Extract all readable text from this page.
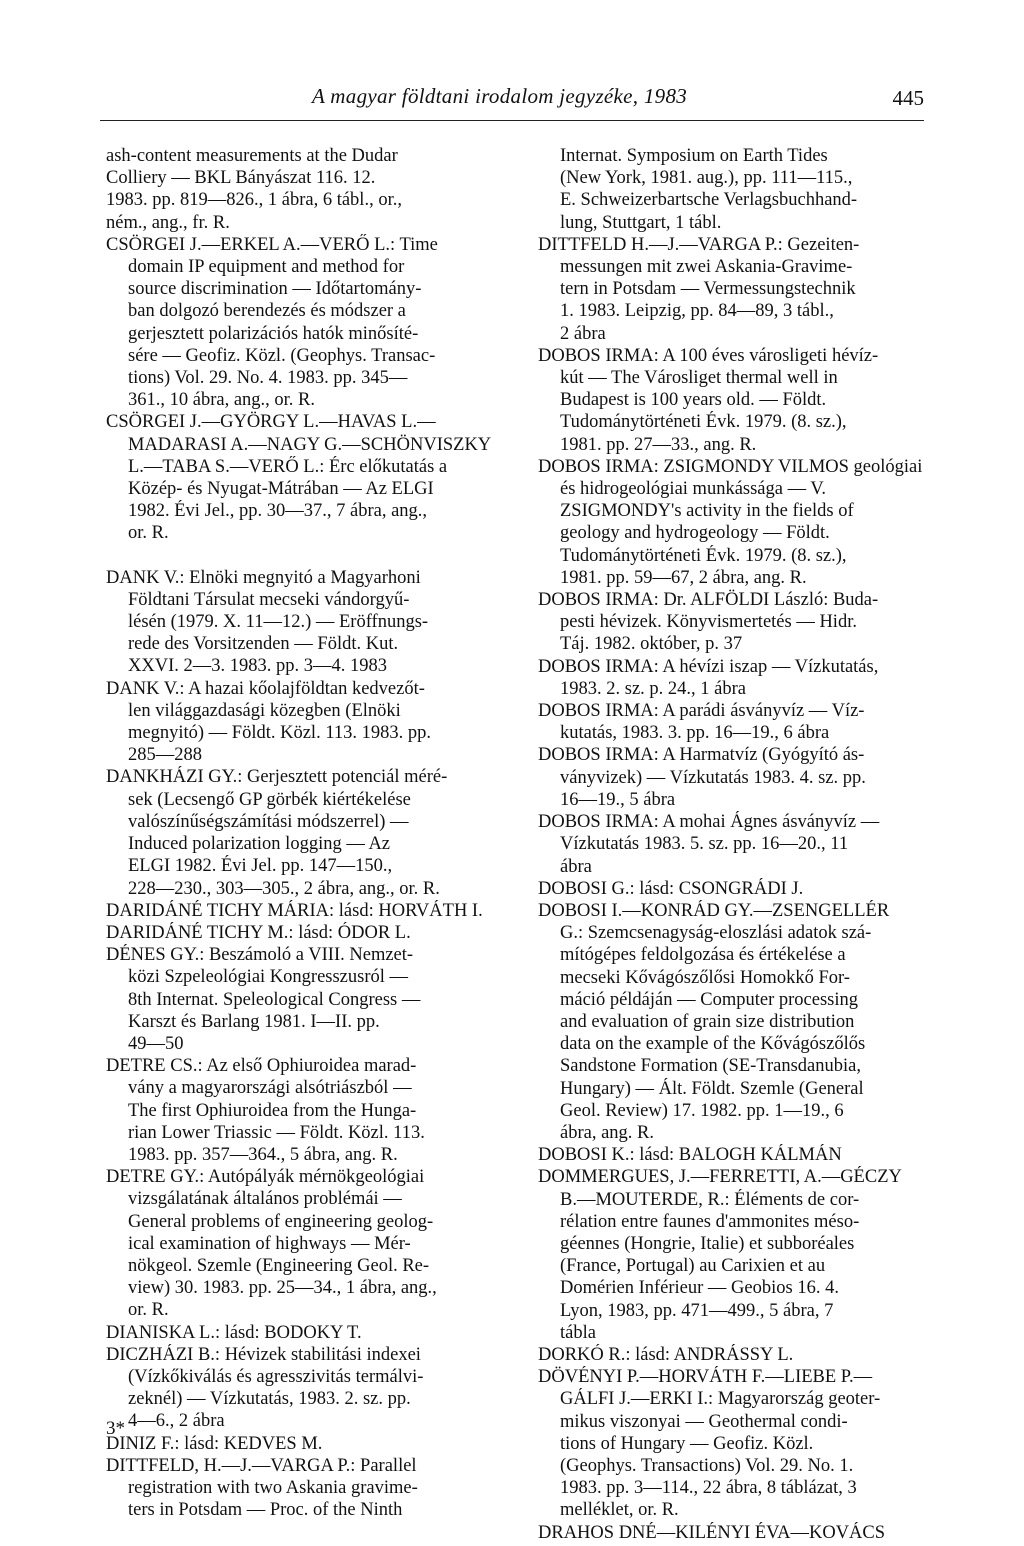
A magyar földtani irodalom jegyzéke, 1983	445
ash-content measurements at the Dudar
Colliery — BKL Bányászat 116. 12.
1983. pp. 819—826., 1 ábra, 6 tábl., or.,
ném., ang., fr. R.
CSÖRGEI J.—ERKEL A.—VERŐ L.: Time
domain IP equipment and method for
source discrimination — Időtartomány-
ban dolgozó berendezés és módszer a
gerjesztett polarizációs hatók minősíté-
sére — Geofiz. Közl. (Geophys. Transac-
tions) Vol. 29. No. 4. 1983. pp. 345—
361., 10 ábra, ang., or. R.
CSÖRGEI J.—GYÖRGY L.—HAVAS L.—
MADARASI A.—NAGY G.—SCHÖNVISZKY
L.—TABA S.—VERŐ L.: Érc előkutatás a
Közép- és Nyugat-Mátrában — Az ELGI
1982. Évi Jel., pp. 30—37., 7 ábra, ang.,
or. R.
DANK V.: Elnöki megnyitó a Magyarhoni
Földtani Társulat mecseki vándorgyű-
lésén (1979. X. 11—12.) — Eröffnungs-
rede des Vorsitzenden — Földt. Kut.
XXVI. 2—3. 1983. pp. 3—4. 1983
DANK V.: A hazai kőolajföldtan kedvezőt-
len világgazdasági közegben (Elnöki
megnyitó) — Földt. Közl. 113. 1983. pp.
285—288
DANKHÁZI GY.: Gerjesztett potenciál méré-
sek (Lecsengő GP görbék kiértékelése
valószínűségszámítási módszerrel) —
Induced polarization logging — Az
ELGI 1982. Évi Jel. pp. 147—150.,
228—230., 303—305., 2 ábra, ang., or. R.
DARIDÁNÉ TICHY MÁRIA: lásd: HORVÁTH I.
DARIDÁNÉ TICHY M.: lásd: ÓDOR L.
DÉNES GY.: Beszámoló a VIII. Nemzet-
közi Szpeleológiai Kongresszusról —
8th Internat. Speleological Congress —
Karszt és Barlang 1981. I—II. pp.
49—50
DETRE CS.: Az első Ophiuroidea marad-
vány a magyarországi alsótriászból —
The first Ophiuroidea from the Hunga-
rian Lower Triassic — Földt. Közl. 113.
1983. pp. 357—364., 5 ábra, ang. R.
DETRE GY.: Autópályák mérnökgeológiai
vizsgálatának általános problémái —
General problems of engineering geolog-
ical examination of highways — Mér-
nökgeol. Szemle (Engineering Geol. Re-
view) 30. 1983. pp. 25—34., 1 ábra, ang.,
or. R.
DIANISKA L.: lásd: BODOKY T.
DICZHÁZI B.: Hévizek stabilitási indexei
(Vízkőkiválás és agresszivitás termálvi-
zeknél) — Vízkutatás, 1983. 2. sz. pp.
4—6., 2 ábra
DINIZ F.: lásd: KEDVES M.
DITTFELD, H.—J.—VARGA P.: Parallel
registration with two Askania gravime-
ters in Potsdam — Proc. of the Ninth
Internat. Symposium on Earth Tides
(New York, 1981. aug.), pp. 111—115.,
E. Schweizerbartsche Verlagsbuchhand-
lung, Stuttgart, 1 tábl.
DITTFELD H.—J.—VARGA P.: Gezeiten-
messungen mit zwei Askania-Gravime-
tern in Potsdam — Vermessungstechnik
1. 1983. Leipzig, pp. 84—89, 3 tábl.,
2 ábra
DOBOS IRMA: A 100 éves városligeti hévíz-
kút — The Városliget thermal well in
Budapest is 100 years old. — Földt.
Tudománytörténeti Évk. 1979. (8. sz.),
1981. pp. 27—33., ang. R.
DOBOS IRMA: ZSIGMONDY VILMOS geológiai
és hidrogeológiai munkássága — V.
ZSIGMONDY's activity in the fields of
geology and hydrogeology — Földt.
Tudománytörténeti Évk. 1979. (8. sz.),
1981. pp. 59—67, 2 ábra, ang. R.
DOBOS IRMA: Dr. ALFÖLDI László: Buda-
pesti hévizek. Könyvismertetés — Hidr.
Táj. 1982. október, p. 37
DOBOS IRMA: A hévízi iszap — Vízkutatás,
1983. 2. sz. p. 24., 1 ábra
DOBOS IRMA: A parádi ásványvíz — Víz-
kutatás, 1983. 3. pp. 16—19., 6 ábra
DOBOS IRMA: A Harmatvíz (Gyógyító ás-
ványvizek) — Vízkutatás 1983. 4. sz. pp.
16—19., 5 ábra
DOBOS IRMA: A mohai Ágnes ásványvíz —
Vízkutatás 1983. 5. sz. pp. 16—20., 11
ábra
DOBOSI G.: lásd: CSONGRÁDI J.
DOBOSI I.—KONRÁD GY.—ZSENGELLÉR
G.: Szemcsenagyság-eloszlási adatok szá-
mítógépes feldolgozása és értékelése a
mecseki Kővágószőlősi Homokkő For-
máció példáján — Computer processing
and evaluation of grain size distribution
data on the example of the Kővágószőlős
Sandstone Formation (SE-Transdanubia,
Hungary) — Ált. Földt. Szemle (General
Geol. Review) 17. 1982. pp. 1—19., 6
ábra, ang. R.
DOBOSI K.: lásd: BALOGH KÁLMÁN
DOMMERGUES, J.—FERRETTI, A.—GÉCZY
B.—MOUTERDE, R.: Éléments de cor-
rélation entre faunes d'ammonites méso-
géennes (Hongrie, Italie) et subboréales
(France, Portugal) au Carixien et au
Domérien Inférieur — Geobios 16. 4.
Lyon, 1983, pp. 471—499., 5 ábra, 7
tábla
DORKÓ R.: lásd: ANDRÁSSY L.
DÖVÉNYI P.—HORVÁTH F.—LIEBE P.—
GÁLFI J.—ERKI I.: Magyarország geoter-
mikus viszonyai — Geothermal condi-
tions of Hungary — Geofiz. Közl.
(Geophys. Transactions) Vol. 29. No. 1.
1983. pp. 3—114., 22 ábra, 8 táblázat, 3
melléklet, or. R.
DRAHOS DNÉ—KILÉNYI ÉVA—KOVÁCS
3*
